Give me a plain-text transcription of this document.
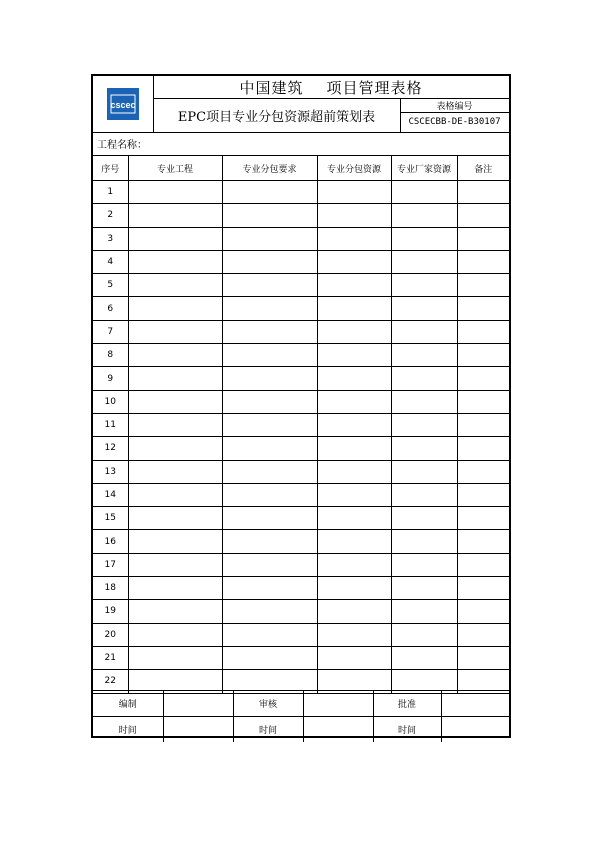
cscec
中国建筑    项目管理表格
EPC项目专业分包资源超前策划表
表格编号
CSCECBB-DE-B30107
工程名称：
序号	专业工程	专业分包要求	专业分包资源	专业厂家资源	备注
1					
2					
3					
4					
5					
6					
7					
8					
9					
10					
11					
12					
13					
14					
15					
16					
17					
18					
19					
20					
21					
22					
编制		审核		批准	
时间		时间		时间	
